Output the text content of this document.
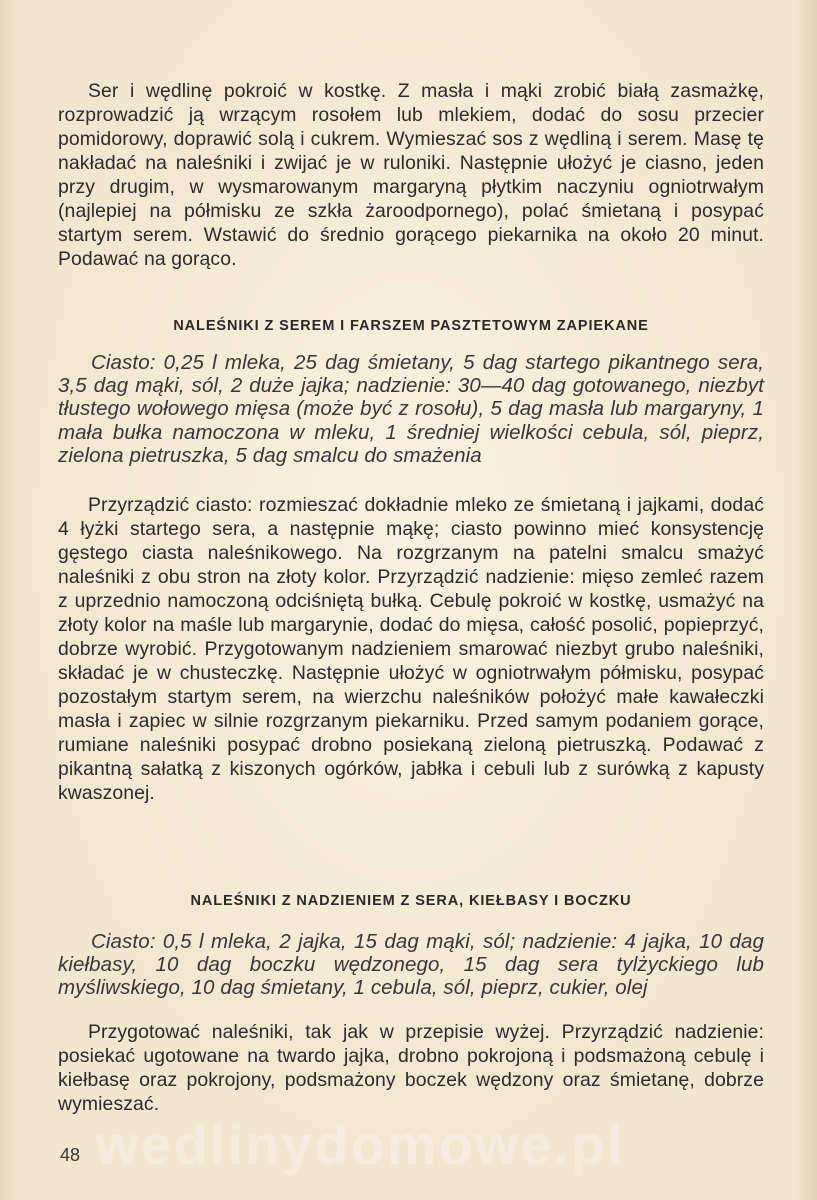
Ser i wędlinę pokroić w kostkę. Z masła i mąki zrobić białą zasmażkę, rozprowadzić ją wrzącym rosołem lub mlekiem, dodać do sosu przecier pomidorowy, doprawić solą i cukrem. Wymieszać sos z wędliną i serem. Masę tę nakładać na naleśniki i zwijać je w ruloniki. Następnie ułożyć je ciasno, jeden przy drugim, w wysmarowanym margaryną płytkim naczyniu ogniotrwałym (najlepiej na półmisku ze szkła żaroodpornego), polać śmietaną i posypać startym serem. Wstawić do średnio gorącego piekarnika na około 20 minut. Podawać na gorąco.

NALEŚNIKI Z SEREM I FARSZEM PASZTETOWYM ZAPIEKANE

Ciasto: 0,25 l mleka, 25 dag śmietany, 5 dag startego pikantnego sera, 3,5 dag mąki, sól, 2 duże jajka; nadzienie: 30—40 dag gotowanego, niezbyt tłustego wołowego mięsa (może być z rosołu), 5 dag masła lub margaryny, 1 mała bułka namoczona w mleku, 1 średniej wielkości cebula, sól, pieprz, zielona pietruszka, 5 dag smalcu do smażenia

Przyrządzić ciasto: rozmieszać dokładnie mleko ze śmietaną i jajkami, dodać 4 łyżki startego sera, a następnie mąkę; ciasto powinno mieć konsystencję gęstego ciasta naleśnikowego. Na rozgrzanym na patelni smalcu smażyć naleśniki z obu stron na złoty kolor. Przyrządzić nadzienie: mięso zemleć razem z uprzednio namoczoną odciśniętą bułką. Cebulę pokroić w kostkę, usmażyć na złoty kolor na maśle lub margarynie, dodać do mięsa, całość posolić, popieprzyć, dobrze wyrobić. Przygotowanym nadzieniem smarować niezbyt grubo naleśniki, składać je w chusteczkę. Następnie ułożyć w ogniotrwałym półmisku, posypać pozostałym startym serem, na wierzchu naleśników położyć małe kawałeczki masła i zapiec w silnie rozgrzanym piekarniku. Przed samym podaniem gorące, rumiane naleśniki posypać drobno posiekaną zieloną pietruszką. Podawać z pikantną sałatką z kiszonych ogórków, jabłka i cebuli lub z surówką z kapusty kwaszonej.

NALEŚNIKI Z NADZIENIEM Z SERA, KIEŁBASY I BOCZKU

Ciasto: 0,5 l mleka, 2 jajka, 15 dag mąki, sól; nadzienie: 4 jajka, 10 dag kiełbasy, 10 dag boczku wędzonego, 15 dag sera tylżyckiego lub myśliwskiego, 10 dag śmietany, 1 cebula, sól, pieprz, cukier, olej

Przygotować naleśniki, tak jak w przepisie wyżej. Przyrządzić nadzienie: posiekać ugotowane na twardo jajka, drobno pokrojoną i podsmażoną cebulę i kiełbasę oraz pokrojony, podsmażony boczek wędzony oraz śmietanę, dobrze wymieszać.

wedlinydomowe.pl
48
